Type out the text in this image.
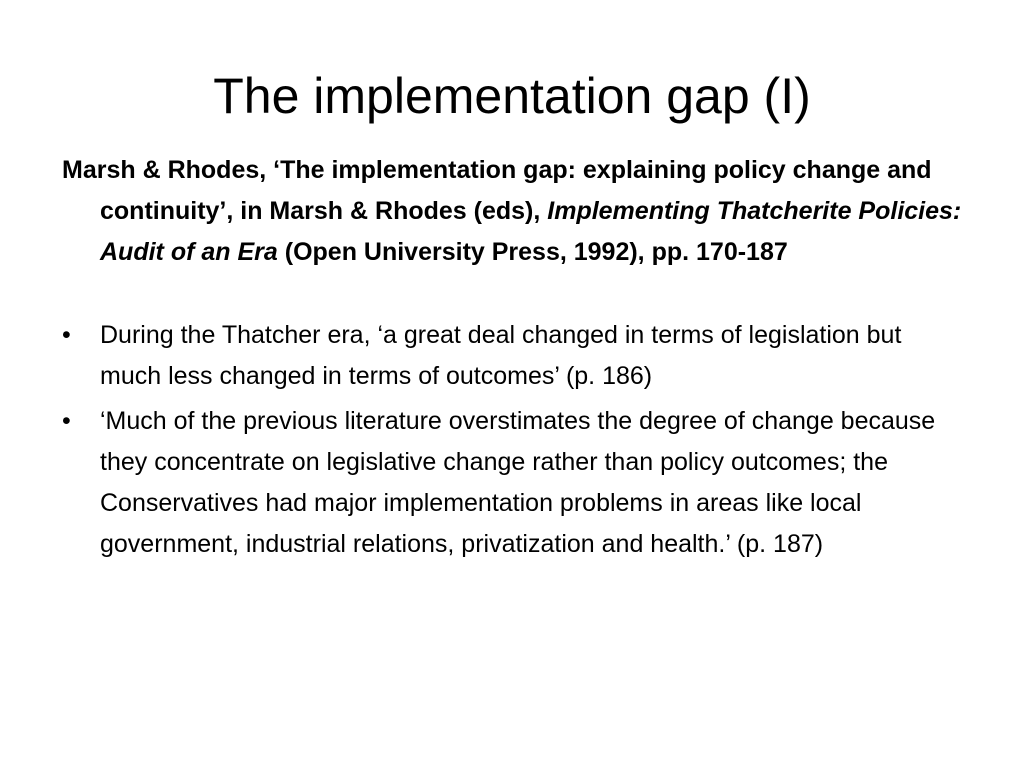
The implementation gap (I)

Marsh & Rhodes, ‘The implementation gap: explaining policy change and continuity’, in Marsh & Rhodes (eds), Implementing Thatcherite Policies: Audit of an Era (Open University Press, 1992), pp. 170-187

•	During the Thatcher era, ‘a great deal changed in terms of legislation but much less changed in terms of outcomes’ (p. 186)
•	‘Much of the previous literature overstimates the degree of change because they concentrate on legislative change rather than policy outcomes; the Conservatives had major implementation problems in areas like local government, industrial relations, privatization and health.’ (p. 187)
